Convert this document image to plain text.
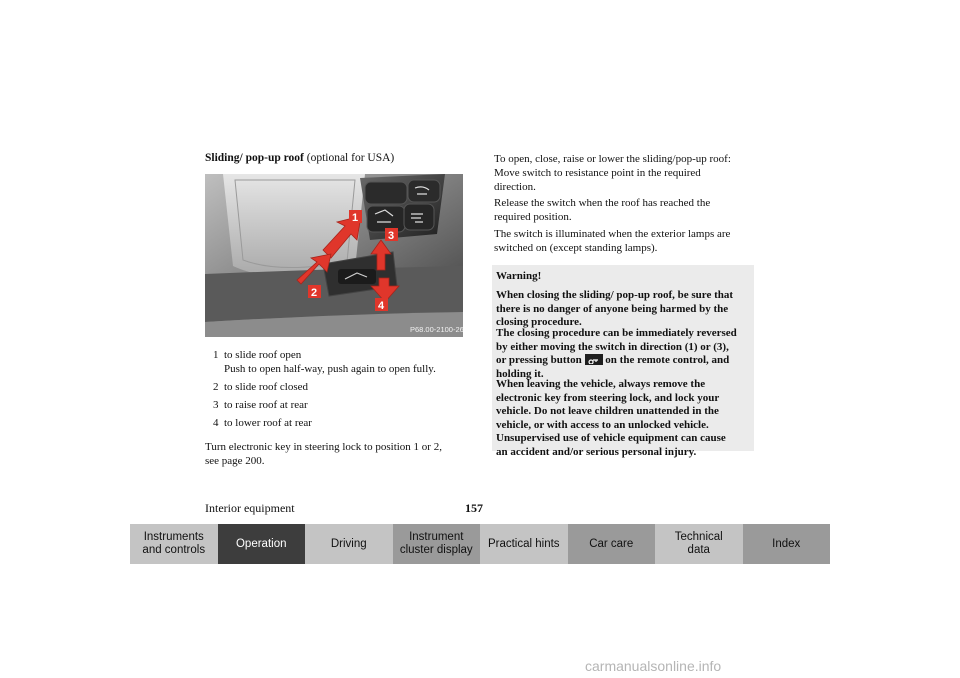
Sliding/ pop-up roof (optional for USA)
1
2
3
4
P68.00-2100-26
1 to slide roof open
Push to open half-way, push again to open fully.
2 to slide roof closed
3 to raise roof at rear
4 to lower roof at rear
Turn electronic key in steering lock to position 1 or 2,
see page 200.
To open, close, raise or lower the sliding/pop-up roof:
Move switch to resistance point in the required
direction.
Release the switch when the roof has reached the
required position.
The switch is illuminated when the exterior lamps are
switched on (except standing lamps).

Warning!

When closing the sliding/ pop-up roof, be sure that
there is no danger of anyone being harmed by the
closing procedure.

The closing procedure can be immediately reversed
by either moving the switch in direction (1) or (3),
or pressing button on the remote control, and
holding it.

When leaving the vehicle, always remove the
electronic key from steering lock, and lock your
vehicle. Do not leave children unattended in the
vehicle, or with access to an unlocked vehicle.
Unsupervised use of vehicle equipment can cause
an accident and/or serious personal injury.

Interior equipment	157
Instruments
and controls
Operation	Driving
Instrument
cluster display
Practical hints	Car care
Technical
data
Index
carmanualsonline.info
